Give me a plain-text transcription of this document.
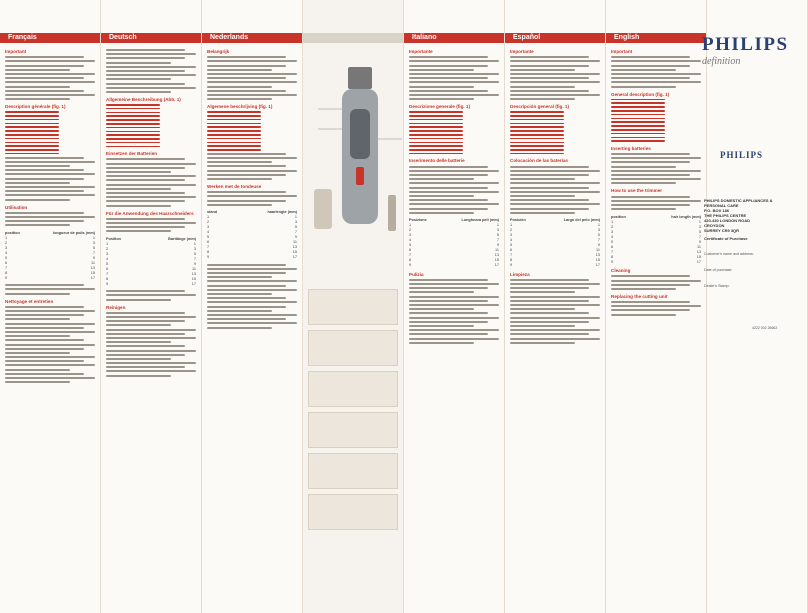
Français
Important
Description générale (fig. 1)
Utilisation
position	longueur de poils (mm)
1	1
2	3
3	5
4	7
5	9
6	11
7	13
8	15
9	17
Nettoyage et entretien
Deutsch
Allgemeine Beschreibung (Abb. 1)
Einsetzen der Batterien
Für die Anwendung des Haarschneiders
Position	Bartlänge (mm)
1	1
2	3
3	5
4	7
5	9
6	11
7	13
8	15
9	17
Reinigen
Nederlands
Belangrijk
Algemene beschrijving (fig. 1)
Werken met de tondeuse
stand	haarlengte (mm)
1	1
2	3
3	5
4	7
5	9
6	11
7	13
8	15
9	17
Italiano
Importante
Descrizione generale (fig. 1)
Inserimento delle batterie
Posizione	Lunghezza peli (mm)
1	1
2	3
3	5
4	7
5	9
6	11
7	13
8	15
9	17
Pulizia
Español
Importante
Descripción general (fig. 1)
Colocación de las baterías
Posición	Largo del pelo (mm)
1	1
2	3
3	5
4	7
5	9
6	11
7	13
8	15
9	17
Limpieza
English
Important
General description (fig. 1)
Inserting batteries
How to use the trimmer
position	hair length (mm)
1	1
2	3
3	5
4	7
5	9
6	11
7	13
8	15
9	17
Cleaning
Replacing the cutting unit
PHILIPS
definition
PHILIPS
PHILIPS DOMESTIC APPLIANCES &
PERSONAL CARE
P.O. BOX 186
THE PHILIPS CENTRE
420-430 LONDON ROAD
CROYDON
SURREY CR9 3QR
Certificate of Purchase
Customer's name and address:
Date of purchase:
Dealer's Stamp:
4222 002 26662
